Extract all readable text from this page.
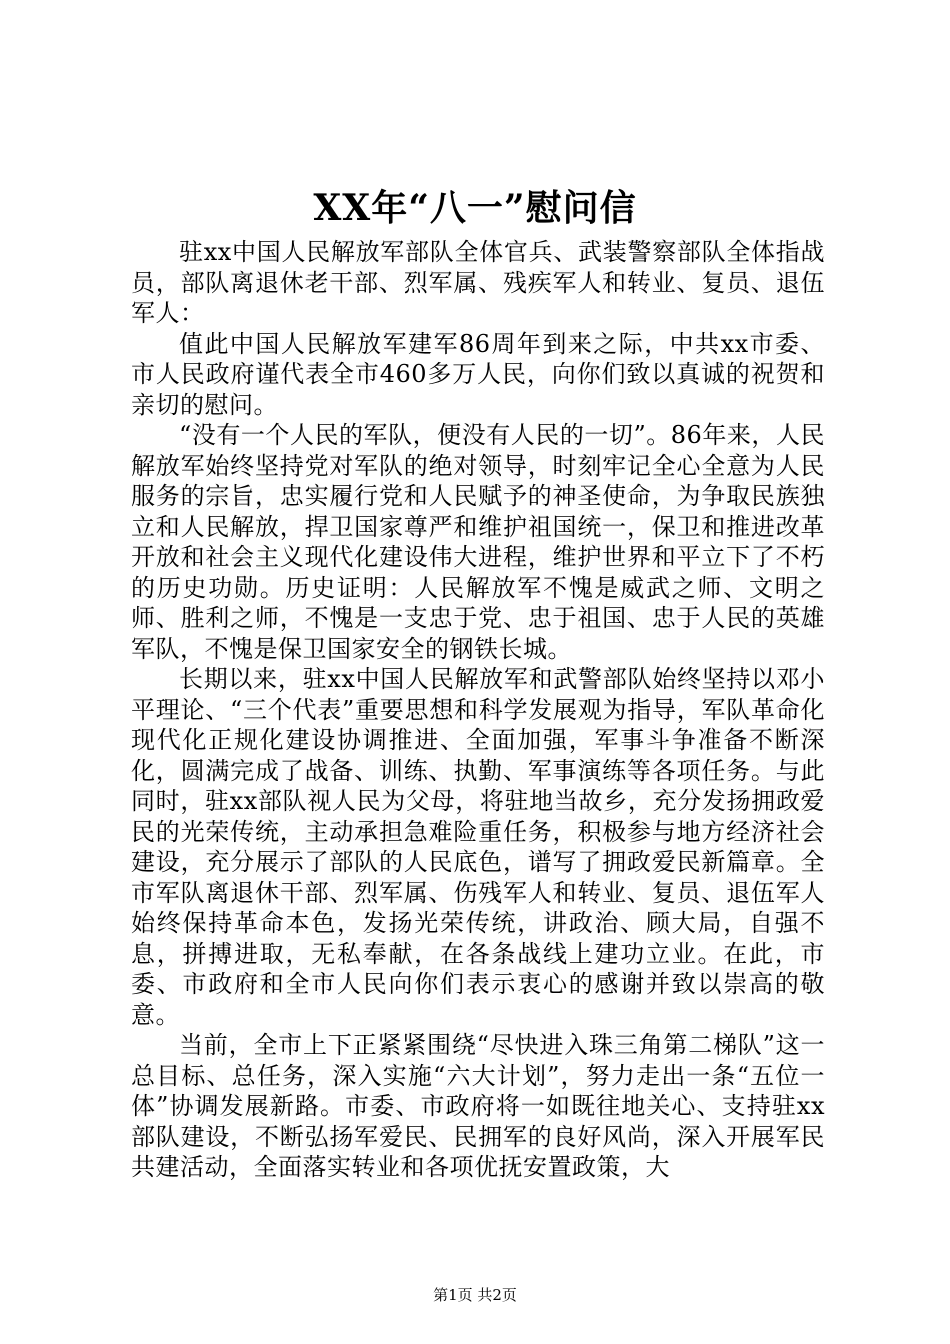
XX年“八一”慰问信

驻xx中国人民解放军部队全体官兵、武装警察部队全体指战员，部队离退休老干部、烈军属、残疾军人和转业、复员、退伍军人：

值此中国人民解放军建军86周年到来之际，中共xx市委、市人民政府谨代表全市460多万人民，向你们致以真诚的祝贺和亲切的慰问。

“没有一个人民的军队，便没有人民的一切”。86年来，人民解放军始终坚持党对军队的绝对领导，时刻牢记全心全意为人民服务的宗旨，忠实履行党和人民赋予的神圣使命，为争取民族独立和人民解放，捍卫国家尊严和维护祖国统一，保卫和推进改革开放和社会主义现代化建设伟大进程，维护世界和平立下了不朽的历史功勋。历史证明：人民解放军不愧是威武之师、文明之师、胜利之师，不愧是一支忠于党、忠于祖国、忠于人民的英雄军队，不愧是保卫国家安全的钢铁长城。

长期以来，驻xx中国人民解放军和武警部队始终坚持以邓小平理论、“三个代表”重要思想和科学发展观为指导，军队革命化现代化正规化建设协调推进、全面加强，军事斗争准备不断深化，圆满完成了战备、训练、执勤、军事演练等各项任务。与此同时，驻xx部队视人民为父母，将驻地当故乡，充分发扬拥政爱民的光荣传统，主动承担急难险重任务，积极参与地方经济社会建设，充分展示了部队的人民底色，谱写了拥政爱民新篇章。全市军队离退休干部、烈军属、伤残军人和转业、复员、退伍军人始终保持革命本色，发扬光荣传统，讲政治、顾大局，自强不息，拼搏进取，无私奉献，在各条战线上建功立业。在此，市委、市政府和全市人民向你们表示衷心的感谢并致以崇高的敬意。

当前，全市上下正紧紧围绕“尽快进入珠三角第二梯队”这一总目标、总任务，深入实施“六大计划”，努力走出一条“五位一体”协调发展新路。市委、市政府将一如既往地关心、支持驻xx部队建设，不断弘扬军爱民、民拥军的良好风尚，深入开展军民共建活动，全面落实转业和各项优抚安置政策，大

第1页 共2页
